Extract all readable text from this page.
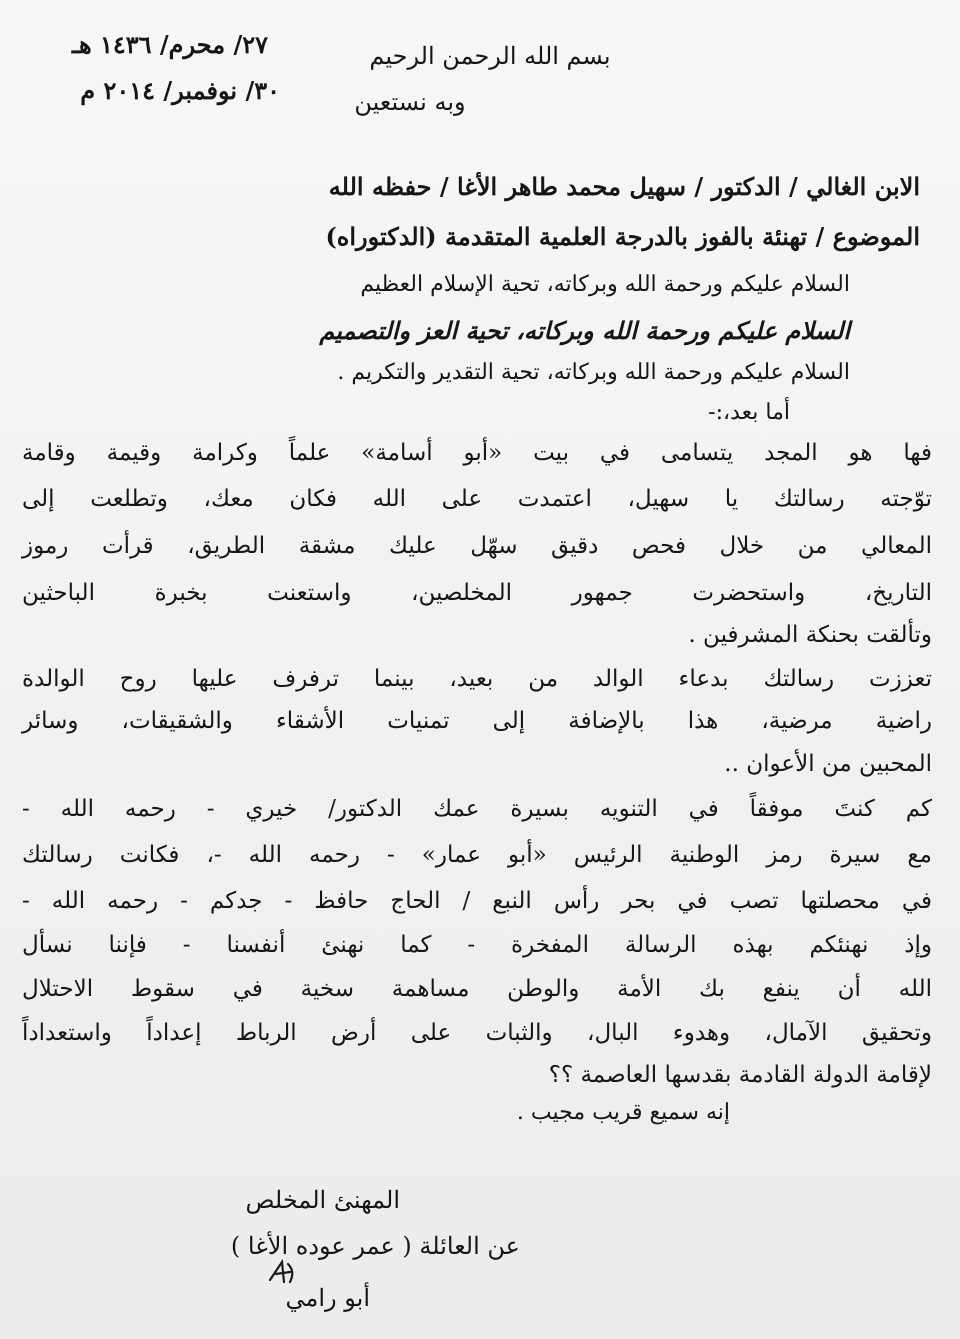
٢٧/ محرم/ ١٤٣٦ هـ
٣٠/ نوفمبر/ ٢٠١٤ م
بسم الله الرحمن الرحيم
وبه نستعين
الابن الغالي / الدكتور / سهيل محمد طاهر الأغا / حفظه الله
الموضوع / تهنئة بالفوز بالدرجة العلمية المتقدمة (الدكتوراه)
السلام عليكم ورحمة الله وبركاته، تحية الإسلام العظيم
السلام عليكم ورحمة الله وبركاته، تحية العز والتصميم
السلام عليكم ورحمة الله وبركاته، تحية التقدير والتكريم .
أما بعد،:-
فها هو المجد يتسامى في بيت «أبو أسامة» علماً وكرامة وقيمة وقامة
توّجته رسالتك يا سهيل، اعتمدت على الله فكان معك، وتطلعت إلى
المعالي من خلال فحص دقيق سهّل عليك مشقة الطريق، قرأت رموز
التاريخ، واستحضرت جمهور المخلصين، واستعنت بخبرة الباحثين
وتألقت بحنكة المشرفين .
تعززت رسالتك بدعاء الوالد من بعيد، بينما ترفرف عليها روح الوالدة
راضية مرضية، هذا بالإضافة إلى تمنيات الأشقاء والشقيقات، وسائر
المحبين من الأعوان ..
كم كنتَ موفقاً في التنويه بسيرة عمك الدكتور/ خيري - رحمه الله -
مع سيرة رمز الوطنية الرئيس «أبو عمار» - رحمه الله -، فكانت رسالتك
في محصلتها تصب في بحر رأس النبع / الحاج حافظ - جدكم - رحمه الله -
وإذ نهنئكم بهذه الرسالة المفخرة - كما نهنئ أنفسنا - فإننا نسأل
الله أن ينفع بك الأمة والوطن مساهمة سخية في سقوط الاحتلال
وتحقيق الآمال، وهدوء البال، والثبات على أرض الرباط إعداداً واستعداداً
لإقامة الدولة القادمة بقدسها العاصمة ؟؟
إنه سميع قريب مجيب .
المهنئ المخلص
عن العائلة ( عمر عوده الأغا )
أبو رامي
